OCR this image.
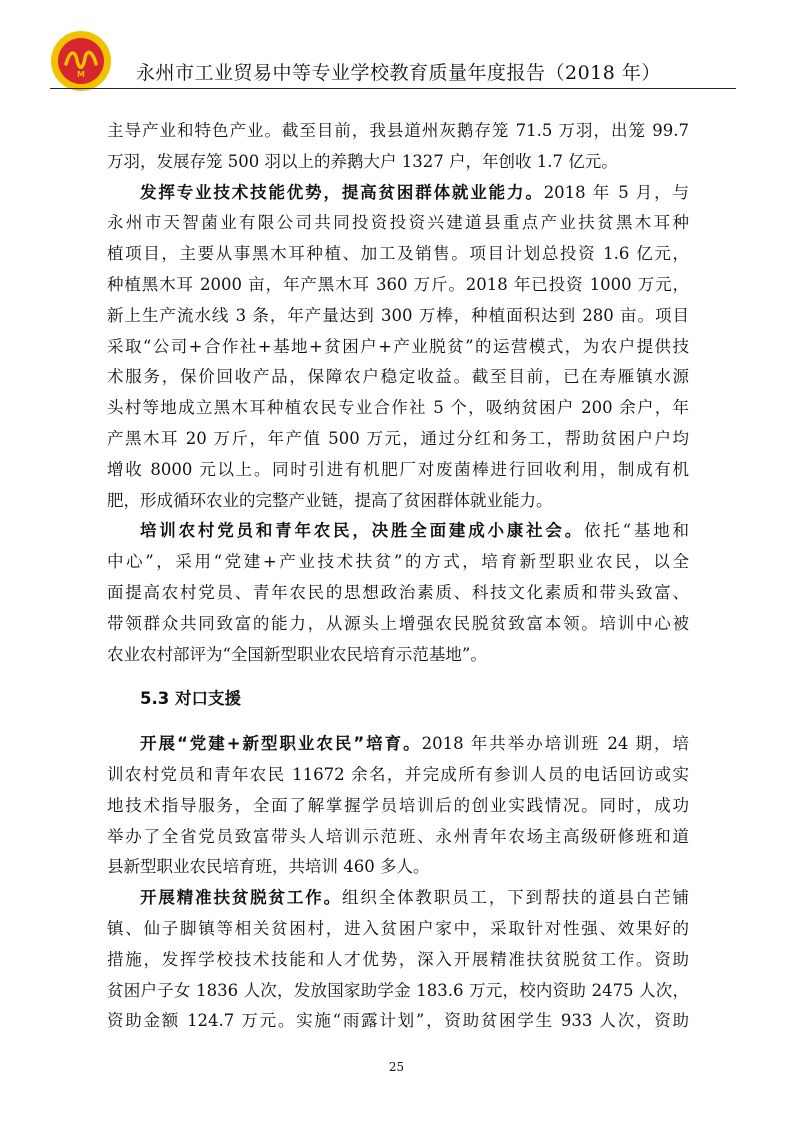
M	永州市工业贸易中等专业学校教育质量年度报告（2018 年）
主导产业和特色产业。截至目前，我县道州灰鹅存笼 71.5 万羽，出笼 99.7
万羽，发展存笼 500 羽以上的养鹅大户 1327 户，年创收 1.7 亿元。
发挥专业技术技能优势，提高贫困群体就业能力。2018 年 5 月，与
永州市天智菌业有限公司共同投资投资兴建道县重点产业扶贫黑木耳种
植项目，主要从事黑木耳种植、加工及销售。项目计划总投资 1.6 亿元，
种植黑木耳 2000 亩，年产黑木耳 360 万斤。2018 年已投资 1000 万元，
新上生产流水线 3 条，年产量达到 300 万棒，种植面积达到 280 亩。项目
采取“公司+合作社+基地+贫困户+产业脱贫”的运营模式，为农户提供技
术服务，保价回收产品，保障农户稳定收益。截至目前，已在寿雁镇水源
头村等地成立黑木耳种植农民专业合作社 5 个，吸纳贫困户 200 余户，年
产黑木耳 20 万斤，年产值 500 万元，通过分红和务工，帮助贫困户户均
增收 8000 元以上。同时引进有机肥厂对废菌棒进行回收利用，制成有机
肥，形成循环农业的完整产业链，提高了贫困群体就业能力。
培训农村党员和青年农民，决胜全面建成小康社会。依托“基地和
中心”，采用“党建+产业技术扶贫”的方式，培育新型职业农民，以全
面提高农村党员、青年农民的思想政治素质、科技文化素质和带头致富、
带领群众共同致富的能力，从源头上增强农民脱贫致富本领。培训中心被
农业农村部评为“全国新型职业农民培育示范基地”。
5.3 对口支援
开展“党建+新型职业农民”培育。2018 年共举办培训班 24 期，培
训农村党员和青年农民 11672 余名，并完成所有参训人员的电话回访或实
地技术指导服务，全面了解掌握学员培训后的创业实践情况。同时，成功
举办了全省党员致富带头人培训示范班、永州青年农场主高级研修班和道
县新型职业农民培育班，共培训 460 多人。
开展精准扶贫脱贫工作。组织全体教职员工，下到帮扶的道县白芒铺
镇、仙子脚镇等相关贫困村，进入贫困户家中，采取针对性强、效果好的
措施，发挥学校技术技能和人才优势，深入开展精准扶贫脱贫工作。资助
贫困户子女 1836 人次，发放国家助学金 183.6 万元，校内资助 2475 人次，
资助金额 124.7 万元。实施“雨露计划”，资助贫困学生 933 人次，资助
25
